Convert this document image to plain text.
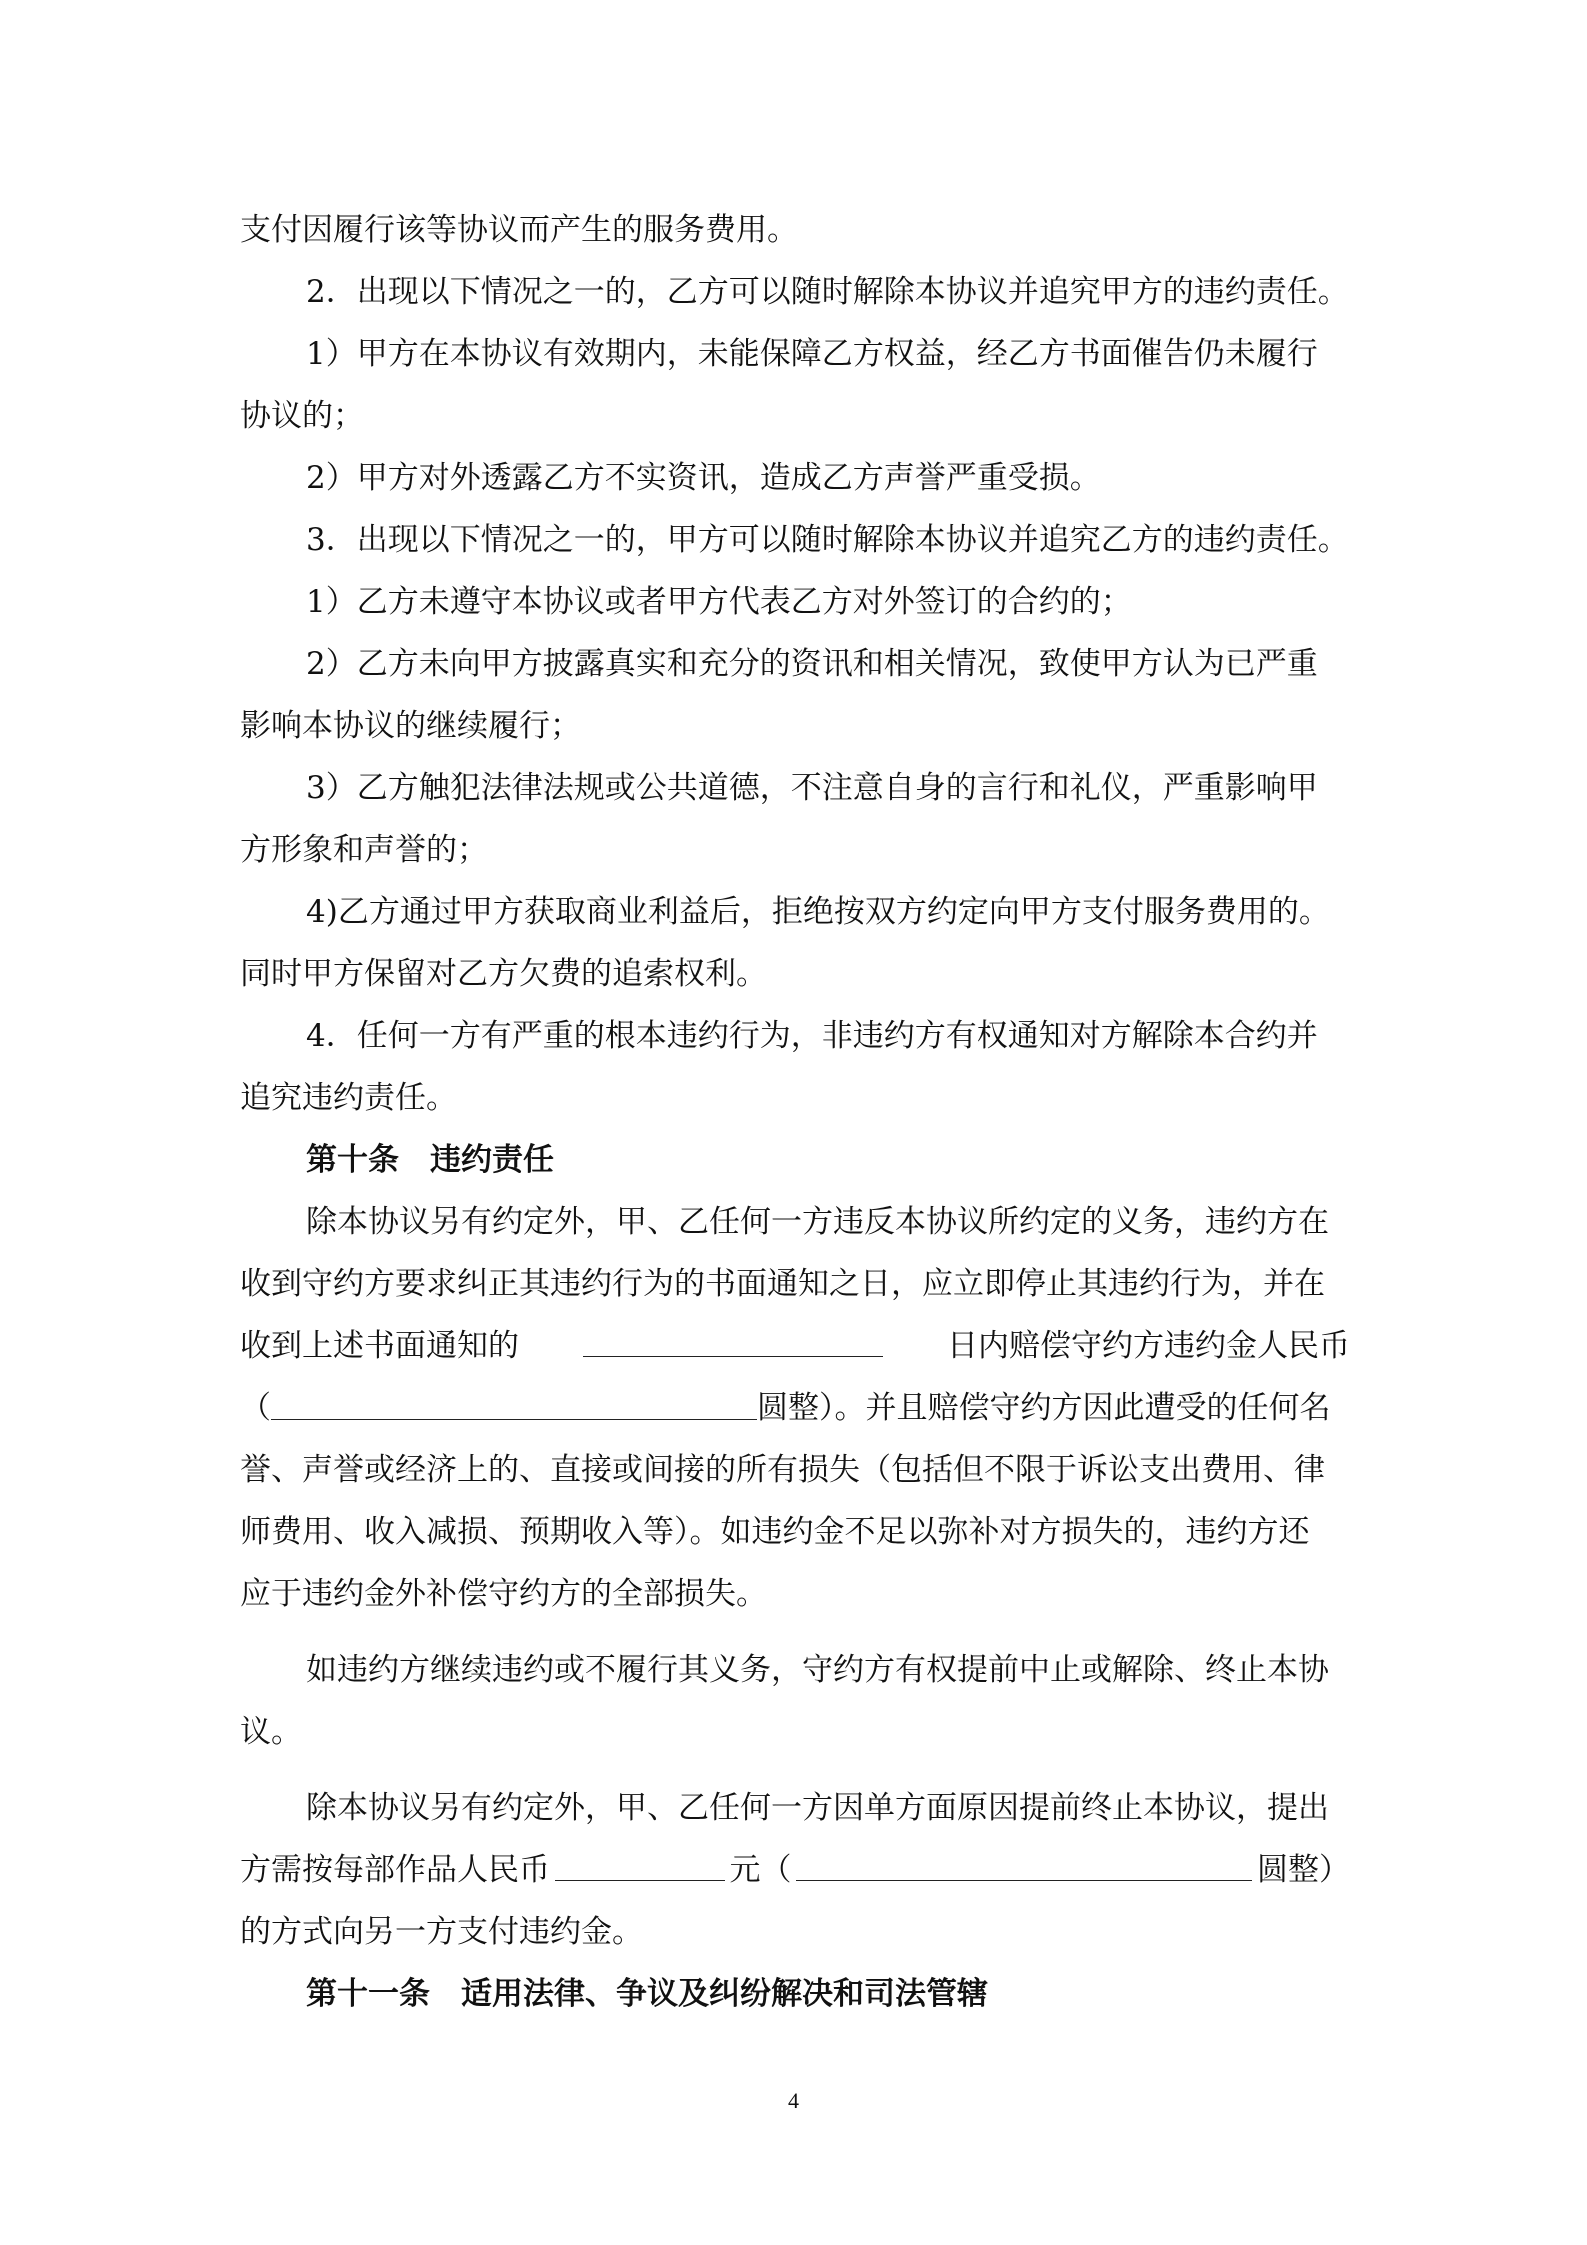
支付因履行该等协议而产生的服务费用。
2．出现以下情况之一的，乙方可以随时解除本协议并追究甲方的违约责任。
1）甲方在本协议有效期内，未能保障乙方权益，经乙方书面催告仍未履行
协议的；
2）甲方对外透露乙方不实资讯，造成乙方声誉严重受损。
3．出现以下情况之一的，甲方可以随时解除本协议并追究乙方的违约责任。
1）乙方未遵守本协议或者甲方代表乙方对外签订的合约的；
2）乙方未向甲方披露真实和充分的资讯和相关情况，致使甲方认为已严重
影响本协议的继续履行；
3）乙方触犯法律法规或公共道德，不注意自身的言行和礼仪，严重影响甲
方形象和声誉的；
4)乙方通过甲方获取商业利益后，拒绝按双方约定向甲方支付服务费用的。
同时甲方保留对乙方欠费的追索权利。
4．任何一方有严重的根本违约行为，非违约方有权通知对方解除本合约并
追究违约责任。
第十条　违约责任
除本协议另有约定外，甲、乙任何一方违反本协议所约定的义务，违约方在
收到守约方要求纠正其违约行为的书面通知之日，应立即停止其违约行为，并在
收到上述书面通知的	日内赔偿守约方违约金人民币
（	圆整）。并且赔偿守约方因此遭受的任何名
誉、声誉或经济上的、直接或间接的所有损失（包括但不限于诉讼支出费用、律
师费用、收入减损、预期收入等）。如违约金不足以弥补对方损失的，违约方还
应于违约金外补偿守约方的全部损失。
如违约方继续违约或不履行其义务，守约方有权提前中止或解除、终止本协
议。
除本协议另有约定外，甲、乙任何一方因单方面原因提前终止本协议，提出
方需按每部作品人民币	元（	圆整）
的方式向另一方支付违约金。
第十一条　适用法律、争议及纠纷解决和司法管辖
4
